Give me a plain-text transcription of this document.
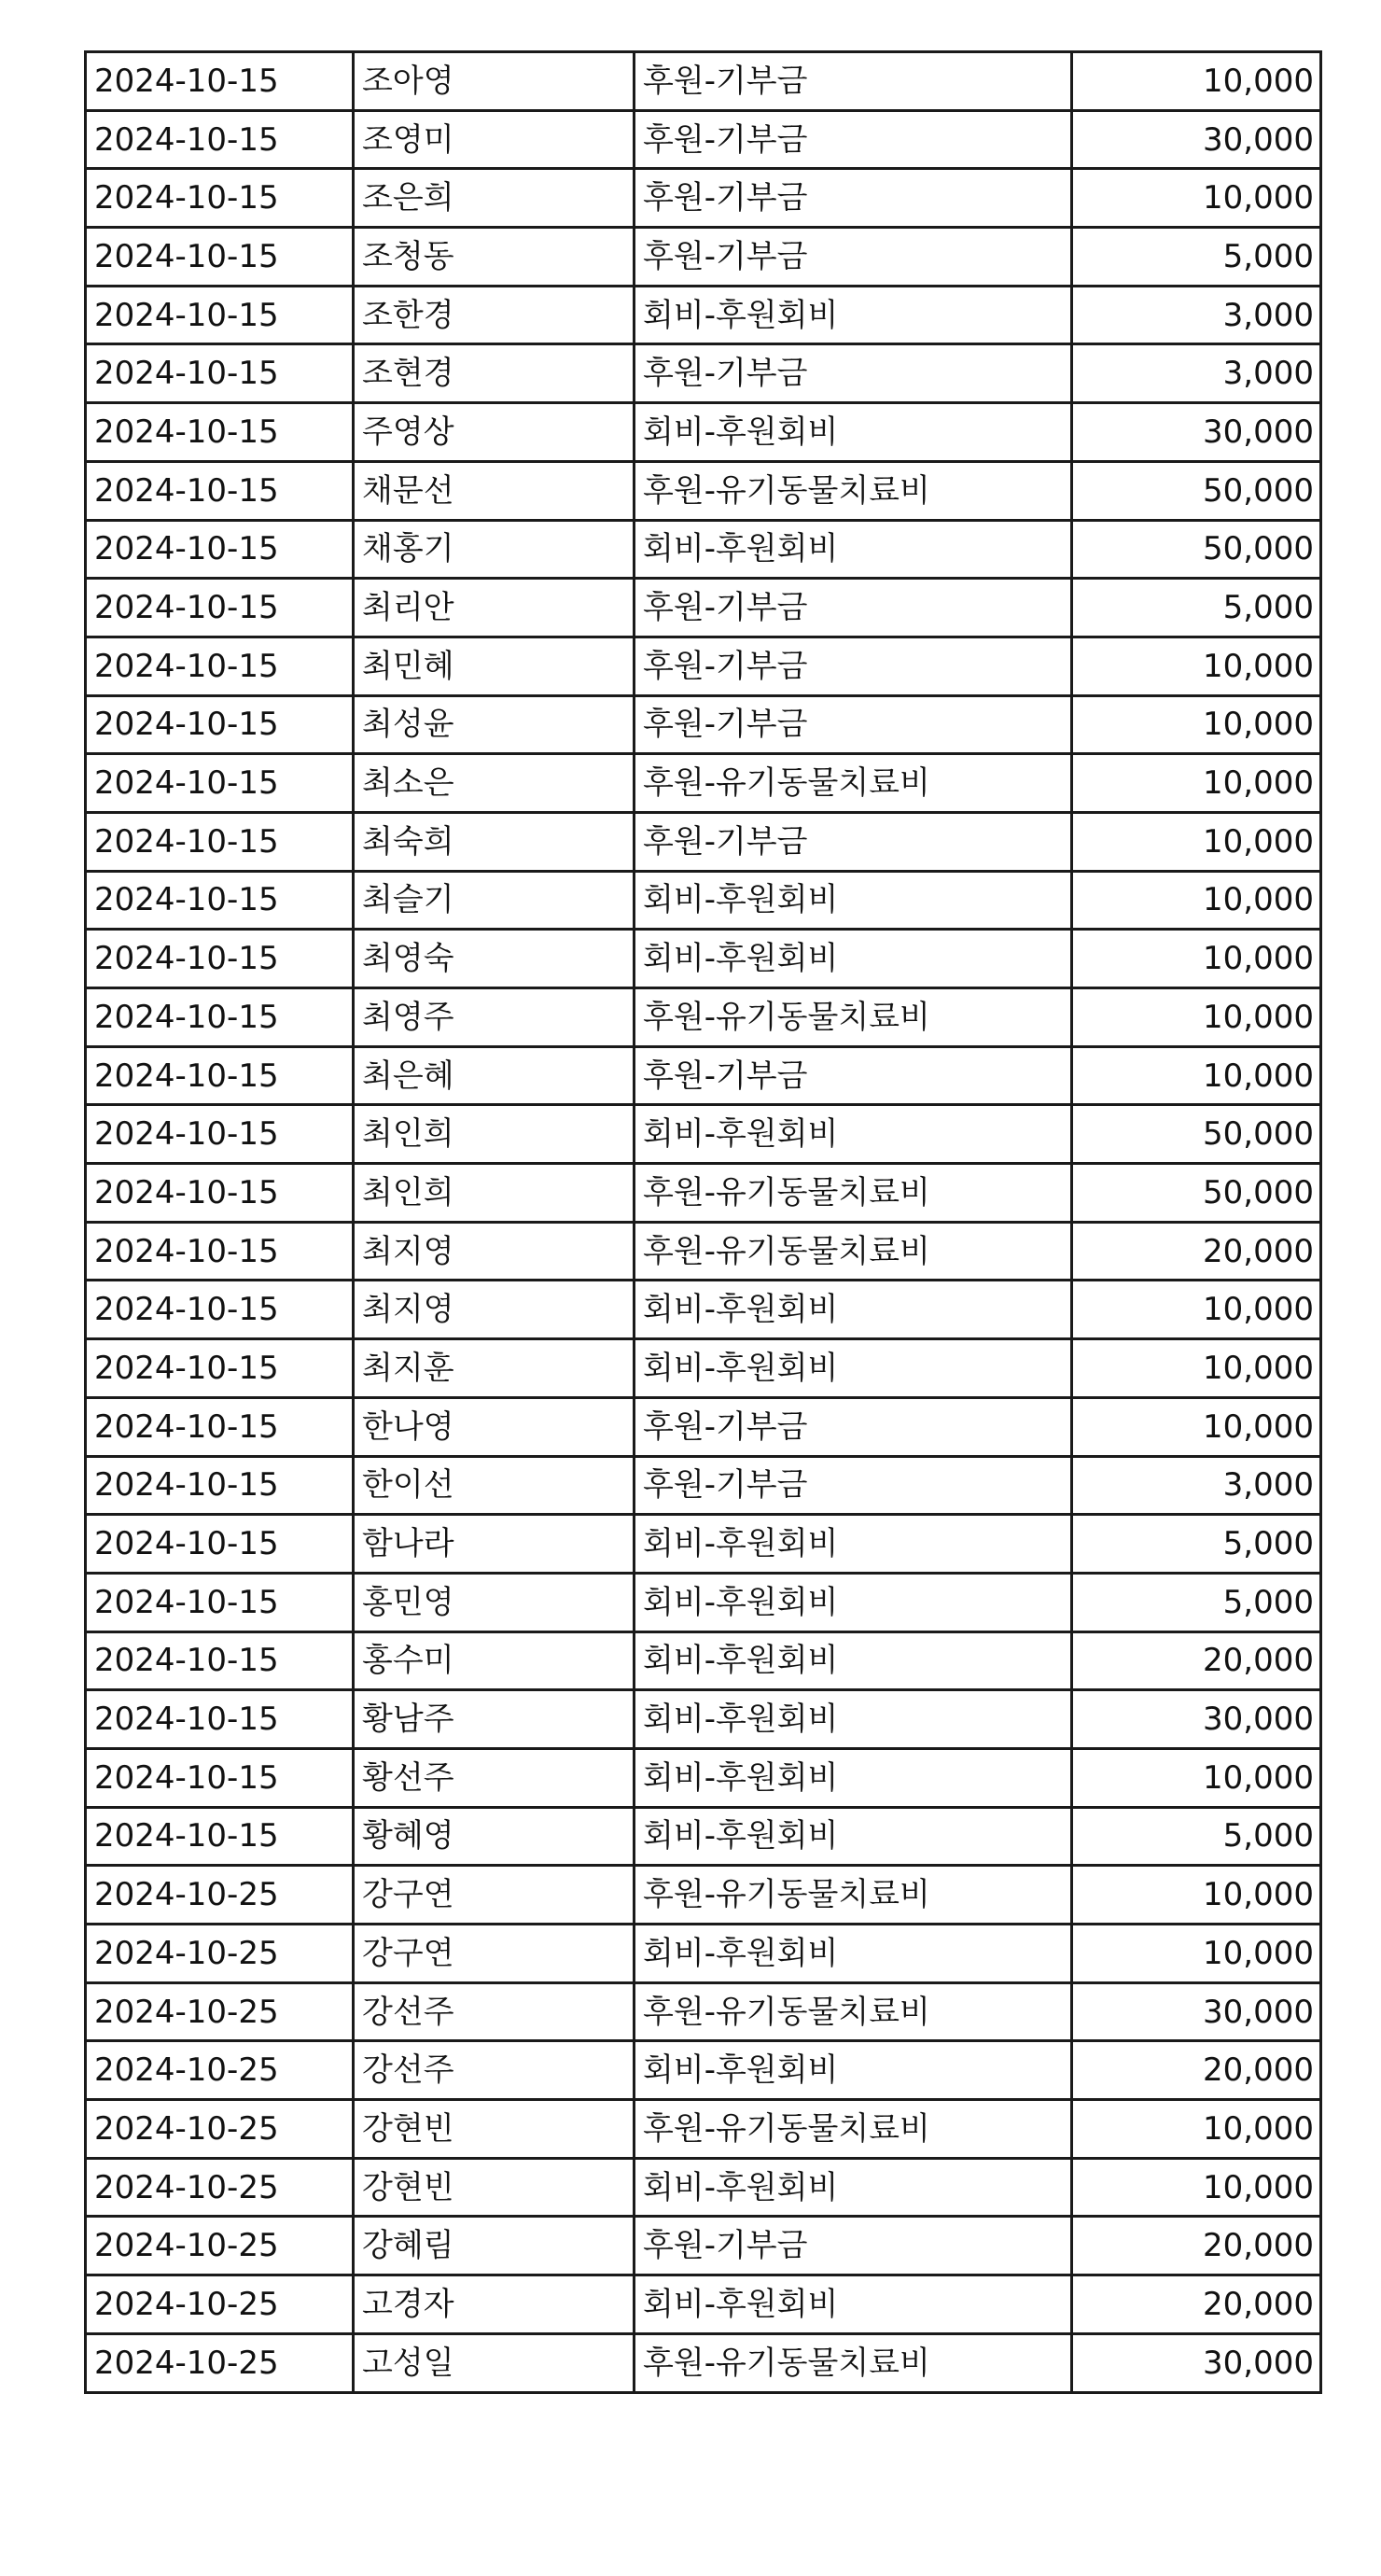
2024-10-15	조아영	후원-기부금	10,000
2024-10-15	조영미	후원-기부금	30,000
2024-10-15	조은희	후원-기부금	10,000
2024-10-15	조청동	후원-기부금	5,000
2024-10-15	조한경	회비-후원회비	3,000
2024-10-15	조현경	후원-기부금	3,000
2024-10-15	주영상	회비-후원회비	30,000
2024-10-15	채문선	후원-유기동물치료비	50,000
2024-10-15	채홍기	회비-후원회비	50,000
2024-10-15	최리안	후원-기부금	5,000
2024-10-15	최민혜	후원-기부금	10,000
2024-10-15	최성윤	후원-기부금	10,000
2024-10-15	최소은	후원-유기동물치료비	10,000
2024-10-15	최숙희	후원-기부금	10,000
2024-10-15	최슬기	회비-후원회비	10,000
2024-10-15	최영숙	회비-후원회비	10,000
2024-10-15	최영주	후원-유기동물치료비	10,000
2024-10-15	최은혜	후원-기부금	10,000
2024-10-15	최인희	회비-후원회비	50,000
2024-10-15	최인희	후원-유기동물치료비	50,000
2024-10-15	최지영	후원-유기동물치료비	20,000
2024-10-15	최지영	회비-후원회비	10,000
2024-10-15	최지훈	회비-후원회비	10,000
2024-10-15	한나영	후원-기부금	10,000
2024-10-15	한이선	후원-기부금	3,000
2024-10-15	함나라	회비-후원회비	5,000
2024-10-15	홍민영	회비-후원회비	5,000
2024-10-15	홍수미	회비-후원회비	20,000
2024-10-15	황남주	회비-후원회비	30,000
2024-10-15	황선주	회비-후원회비	10,000
2024-10-15	황혜영	회비-후원회비	5,000
2024-10-25	강구연	후원-유기동물치료비	10,000
2024-10-25	강구연	회비-후원회비	10,000
2024-10-25	강선주	후원-유기동물치료비	30,000
2024-10-25	강선주	회비-후원회비	20,000
2024-10-25	강현빈	후원-유기동물치료비	10,000
2024-10-25	강현빈	회비-후원회비	10,000
2024-10-25	강혜림	후원-기부금	20,000
2024-10-25	고경자	회비-후원회비	20,000
2024-10-25	고성일	후원-유기동물치료비	30,000
